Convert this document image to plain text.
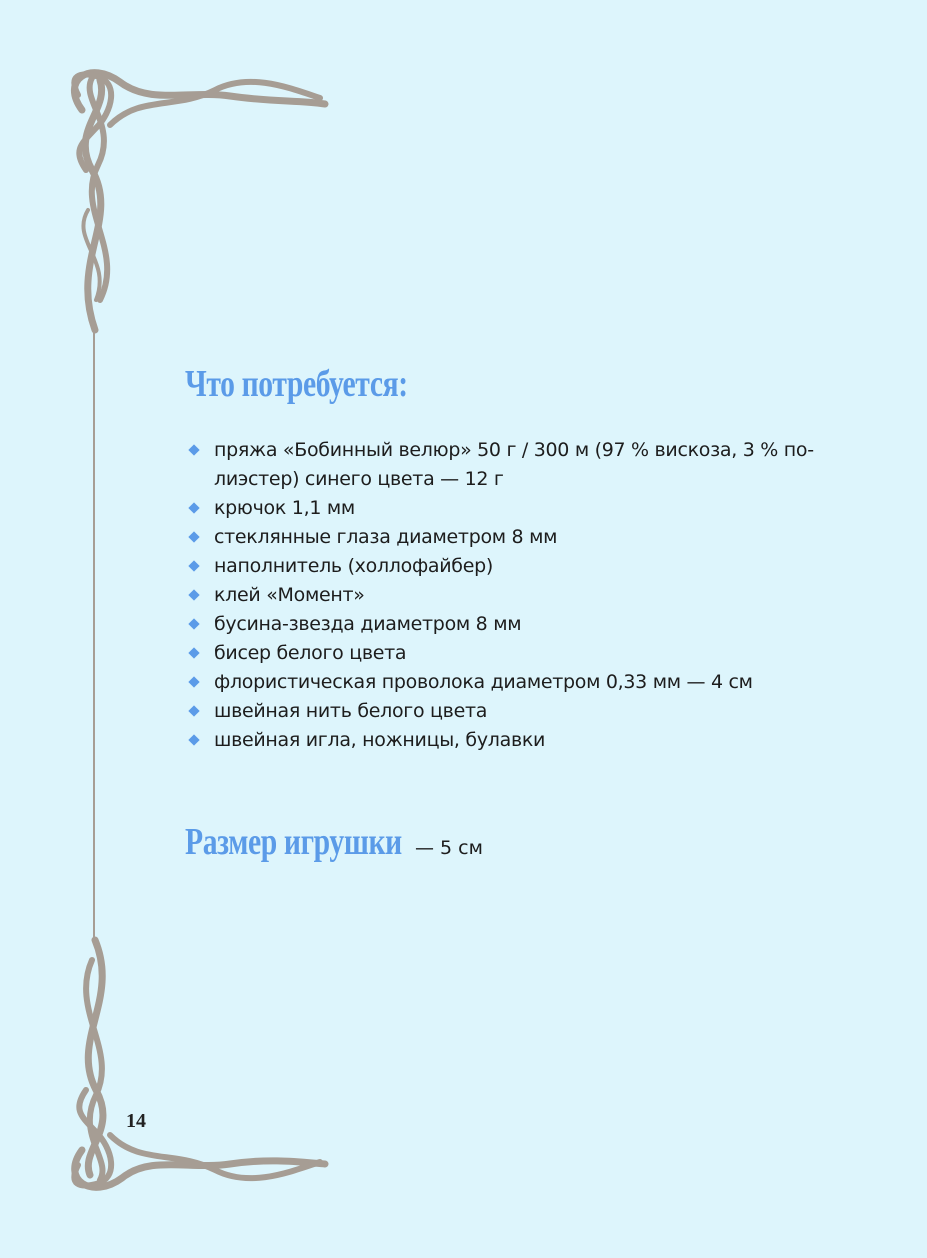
Что потребуется:
пряжа «Бобинный велюр» 50 г / 300 м (97 % вискоза, 3 % полиэстер) синего цвета — 12 г
крючок 1,1 мм
стеклянные глаза диаметром 8 мм
наполнитель (холлофайбер)
клей «Момент»
бусина-звезда диаметром 8 мм
бисер белого цвета
флористическая проволока диаметром 0,33 мм — 4 см
швейная нить белого цвета
швейная игла, ножницы, булавки
Размер игрушки — 5 см
14
